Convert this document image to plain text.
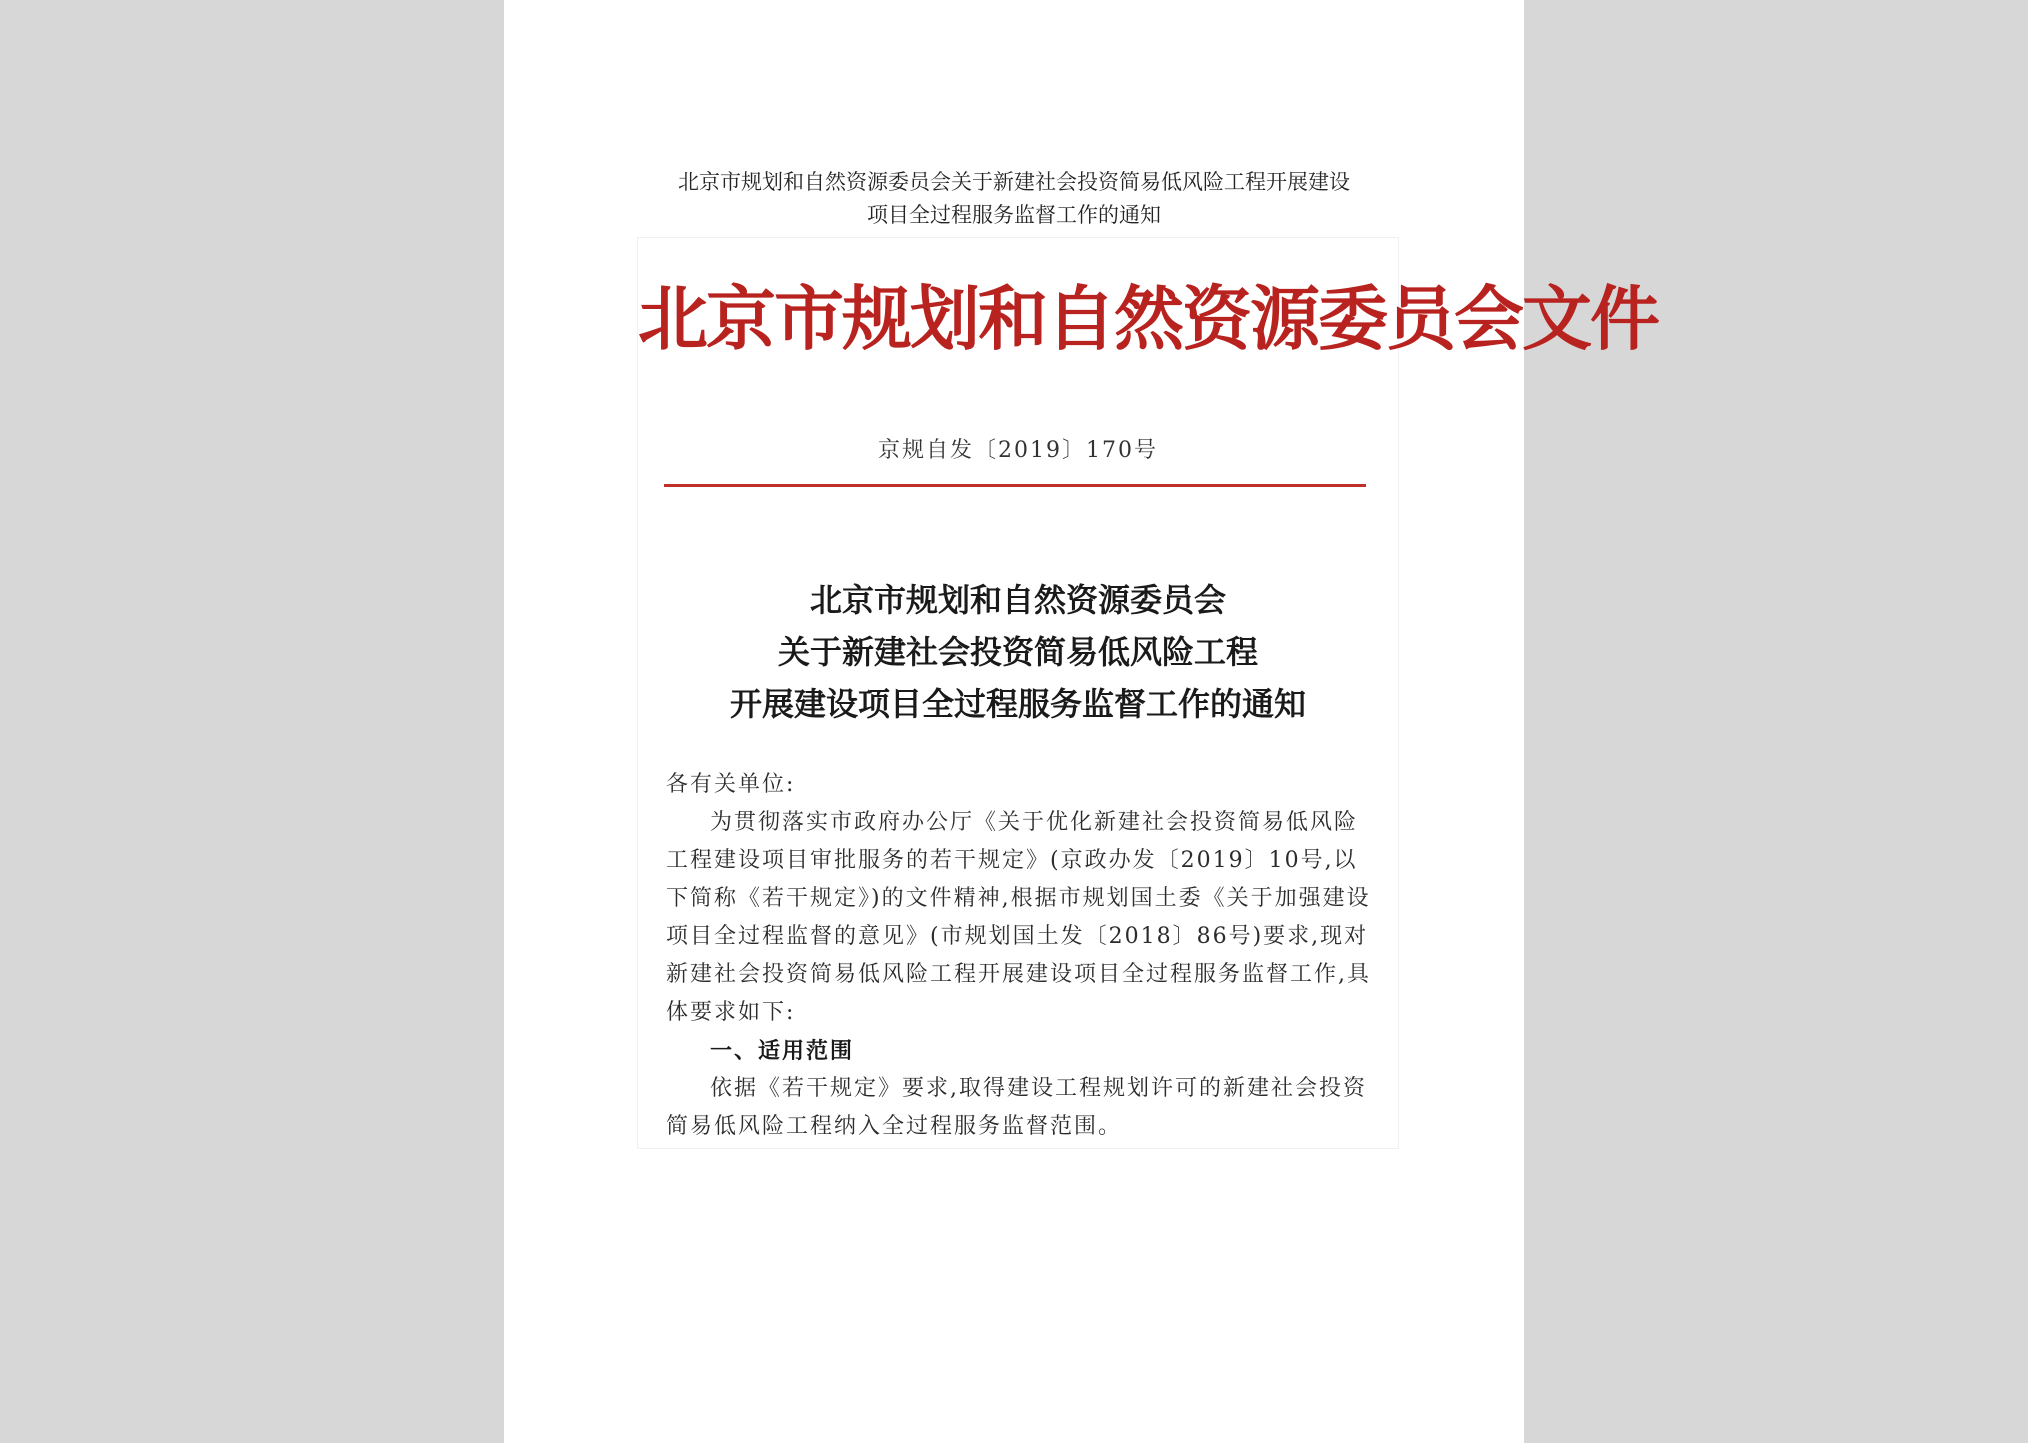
北京市规划和自然资源委员会关于新建社会投资简易低风险工程开展建设
项目全过程服务监督工作的通知
北京市规划和自然资源委员会文件
京规自发〔2019〕170号
北京市规划和自然资源委员会
关于新建社会投资简易低风险工程
开展建设项目全过程服务监督工作的通知

各有关单位:

为贯彻落实市政府办公厅《关于优化新建社会投资简易低风险工程建设项目审批服务的若干规定》(京政办发〔2019〕10号,以下简称《若干规定》)的文件精神,根据市规划国土委《关于加强建设项目全过程监督的意见》(市规划国土发〔2018〕86号)要求,现对新建社会投资简易低风险工程开展建设项目全过程服务监督工作,具体要求如下:

一、适用范围

依据《若干规定》要求,取得建设工程规划许可的新建社会投资简易低风险工程纳入全过程服务监督范围。
